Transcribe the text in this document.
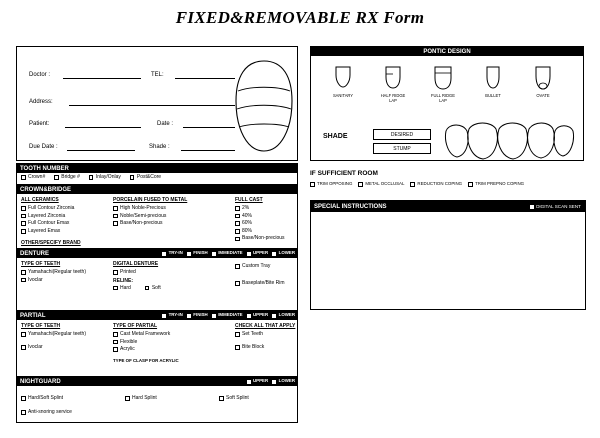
FIXED&REMOVABLE RX Form
Doctor :	TEL:
Address:
Patient:	Date :
Due Date :	Shade :
PONTIC DESIGN
SANITARY	HALF RIDGE
LAP
FULL RIDGE
LAP
BULLET	OVATE
SHADE	DESIRED
STUMP
IF SUFFICIENT ROOM
TRIM OPPOSING	METAL OCCLUSAL	REDUCTION COPING	TRIM PREPNO COPING
SPECIAL INSTRUCTIONS	DIGITAL SCAN SENT
TOOTH NUMBER
Crown#	Bridge #	Inlay/Onlay	Post&Core
CROWN&BRIDGE
ALL CERAMICS
Full Contour Zirconia
Layered Zirconia
Full Contour Emax
Layered Emax
PORCELAIN FUSED TO METAL
High Noble-Precious
Noble/Semi-precious
Base/Non-precious
FULL CAST
2%
40%
60%
80%
Base/Non-precious
OTHER/SPECIFY BRAND
DENTURE	TRY-IN FINISH IMMEDIATE UPPER LOWER
TYPE OF TEETH
Yamahachi(Regular teeth)
Ivoclar
DIGITAL DENTURE
Printed
RELINE:
Hard	Soft
Custom Tray
Baseplate/Bite Rim
PARTIAL	TRY-IN FINISH IMMEDIATE UPPER LOWER
TYPE OF TEETH
Yamahachi(Regular teeth)
Ivoclar
TYPE OF PARTIAL
Cast Metal Framework
Flexible
Acrylic
TYPE OF CLASP FOR ACRYLIC
CHECK ALL THAT APPLY
Set Teeth
Bite Block
NIGHTGUARD	UPPER LOWER
Hard/Soft Splint	Hard Splint	Soft Splint
Anti-snoring service
